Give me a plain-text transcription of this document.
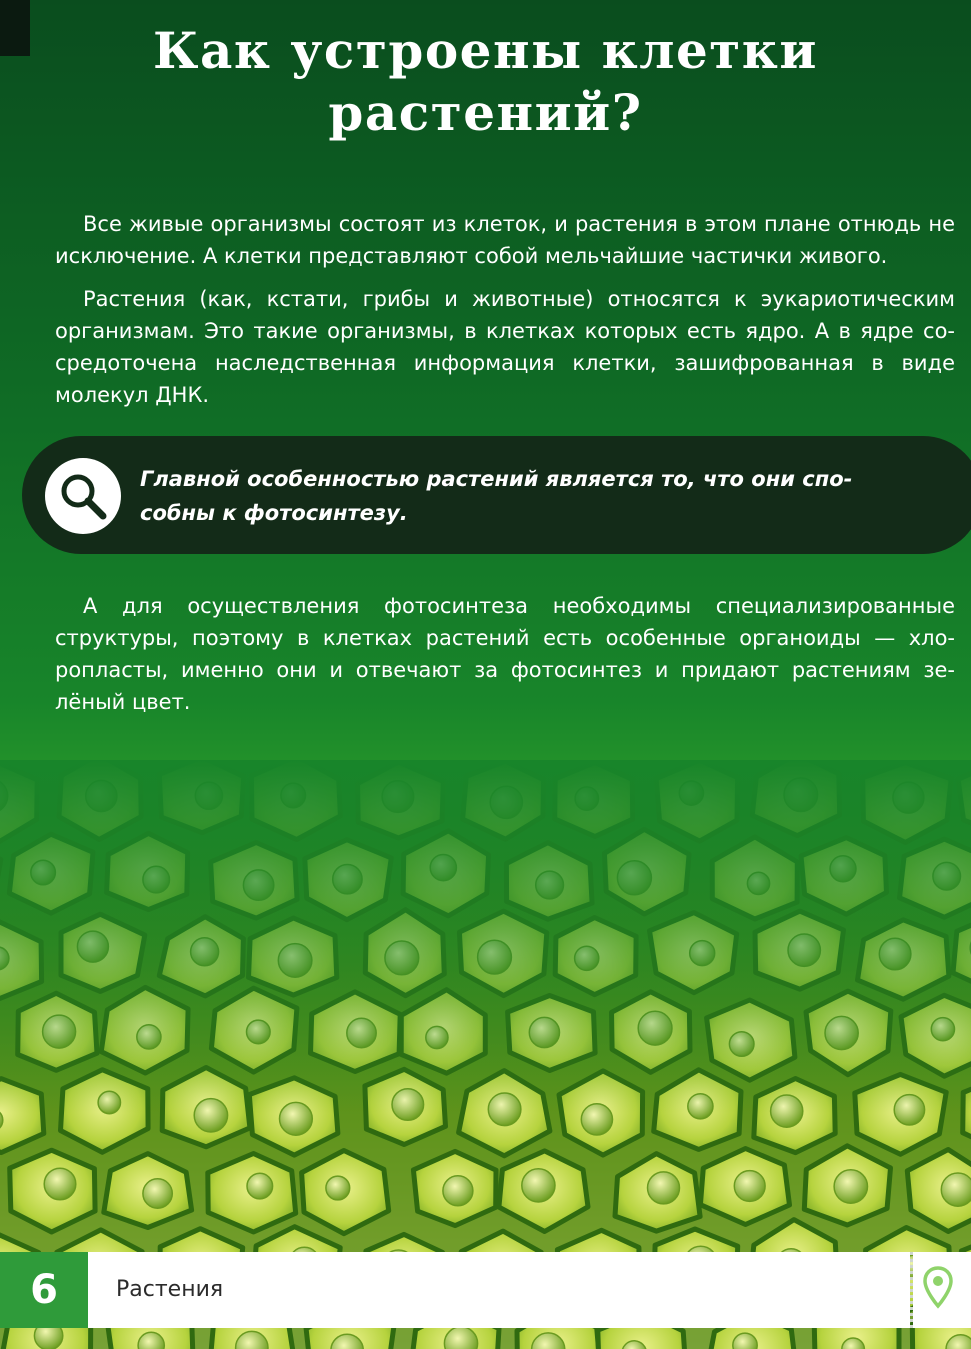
Как устроены клетки
растений?

Все живые организмы состоят из клеток, и растения в этом плане отнюдь не исключение. А клетки представляют собой мельчайшие частички живого.

Растения (как, кстати, грибы и животные) относятся к эукариотическим организмам. Это такие организмы, в клетках которых есть ядро. А в ядре со-средоточена наследственная информация клетки, зашифрованная в виде молекул ДНК.

Главной особенностью растений является то, что они спо-
собны к фотосинтезу.

А для осуществления фотосинтеза необходимы специализированные структуры, поэтому в клетках растений есть особенные органоиды — хло-ропласты, именно они и отвечают за фотосинтез и придают растениям зе-лёный цвет.

6	Растения
